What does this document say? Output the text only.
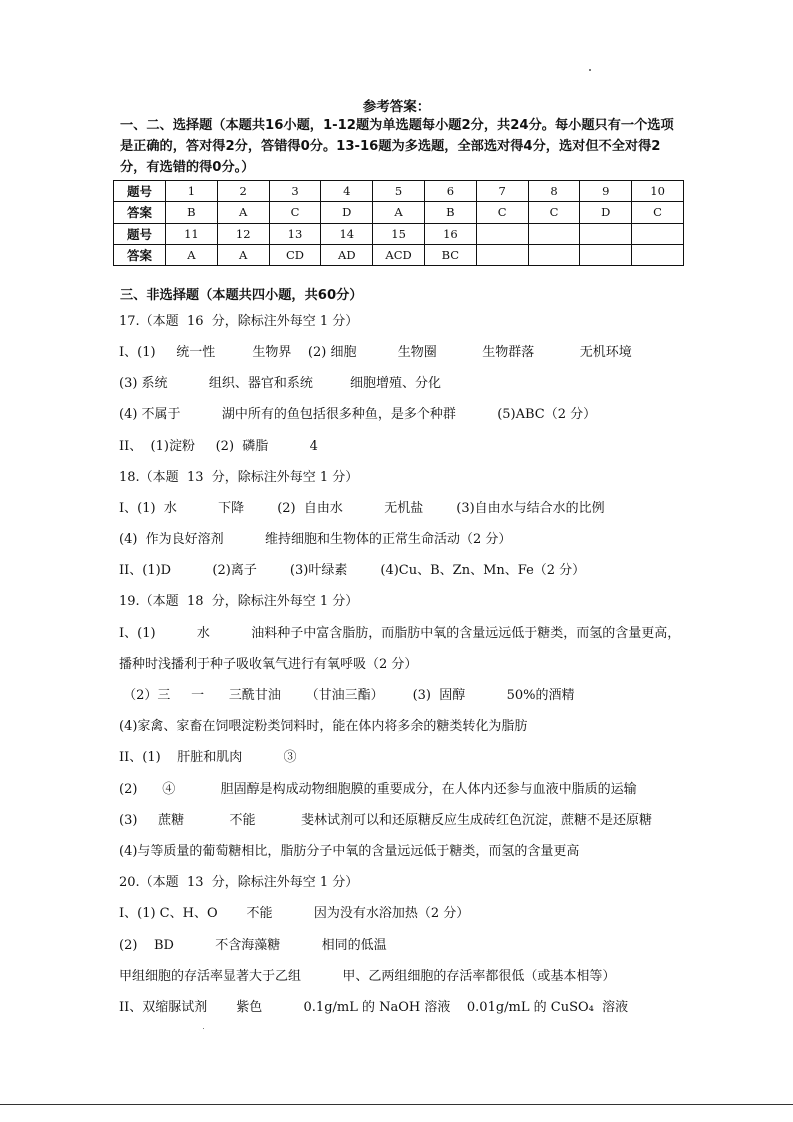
参考答案：
一、二、选择题（本题共16小题，1-12题为单选题每小题2分，共24分。每小题只有一个选项是正确的，答对得2分，答错得0分。13-16题为多选题，全部选对得4分，选对但不全对得2分，有选错的得0分。）
题号	1	2	3	4	5	6	7	8	9	10
答案	B	A	C	D	A	B	C	C	D	C
题号	11	12	13	14	15	16				
答案	A	A	CD	AD	ACD	BC				
三、非选择题（本题共四小题，共60分）
17.（本题  16  分，除标注外每空 1 分）
I、(1)     统一性         生物界    (2) 细胞          生物圈           生物群落           无机环境
(3) 系统          组织、器官和系统         细胞增殖、分化
(4) 不属于          湖中所有的鱼包括很多种鱼，是多个种群          (5)ABC（2 分）
II、  (1)淀粉     (2)  磷脂          4
18.（本题  13  分，除标注外每空 1 分）
I、(1)  水          下降        (2)  自由水          无机盐        (3)自由水与结合水的比例
(4)  作为良好溶剂          维持细胞和生物体的正常生命活动（2 分）
II、(1)D          (2)离子        (3)叶绿素        (4)Cu、B、Zn、Mn、Fe（2 分）
19.（本题  18  分，除标注外每空 1 分）
I、(1)          水          油料种子中富含脂肪，而脂肪中氧的含量远远低于糖类，而氢的含量更高，
播种时浅播利于种子吸收氧气进行有氧呼吸（2 分）
（2）三     一      三酰甘油      （甘油三酯）       (3)  固醇          50%的酒精
(4)家禽、家畜在饲喂淀粉类饲料时，能在体内将多余的糖类转化为脂肪
II、(1)    肝脏和肌肉          ③
(2)      ④           胆固醇是构成动物细胞膜的重要成分，在人体内还参与血液中脂质的运输
(3)     蔗糖           不能           斐林试剂可以和还原糖反应生成砖红色沉淀，蔗糖不是还原糖
(4)与等质量的葡萄糖相比，脂肪分子中氧的含量远远低于糖类，而氢的含量更高
20.（本题  13  分，除标注外每空 1 分）
I、(1) C、H、O       不能          因为没有水浴加热（2 分）
(2)    BD          不含海藻糖          相同的低温
甲组细胞的存活率显著大于乙组          甲、乙两组细胞的存活率都很低（或基本相等）
II、双缩脲试剂       紫色          0.1g/mL 的 NaOH 溶液    0.01g/mL 的 CuSO₄  溶液
